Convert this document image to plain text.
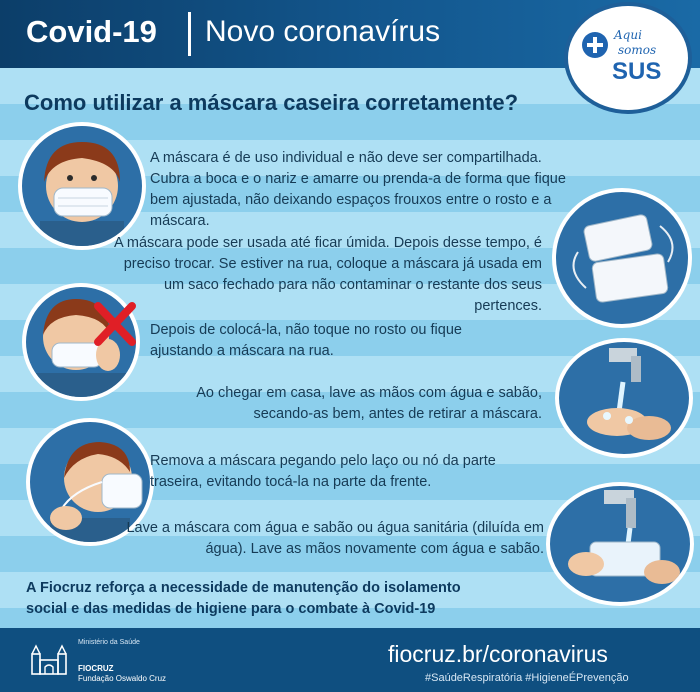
Covid-19 Novo coronavírus	Aqui
somos
SUS
Como utilizar a máscara caseira corretamente?
A máscara é de uso individual e não deve ser compartilhada. Cubra a boca e o nariz e amarre ou prenda-a de forma que fique bem ajustada, não deixando espaços frouxos entre o rosto e a máscara.
A máscara pode ser usada até ficar úmida. Depois desse tempo, é preciso trocar. Se estiver na rua, coloque a máscara já usada em um saco fechado para não contaminar o restante dos seus pertences.
Depois de colocá-la, não toque no rosto ou fique ajustando a máscara na rua.
Ao chegar em casa, lave as mãos com água e sabão, secando-as bem, antes de retirar a máscara.
Remova a máscara pegando pelo laço ou nó da parte traseira, evitando tocá-la na parte da frente.
Lave a máscara com água e sabão ou água sanitária (diluída em água). Lave as mãos novamente com água e sabão.
A Fiocruz reforça a necessidade de manutenção do isolamento social e das medidas de higiene para o combate à Covid-19
Ministério da Saúde
FIOCRUZ
Fundação Oswaldo Cruz
fiocruz.br/coronavirus
#SaúdeRespiratória #HigieneÉPrevenção
